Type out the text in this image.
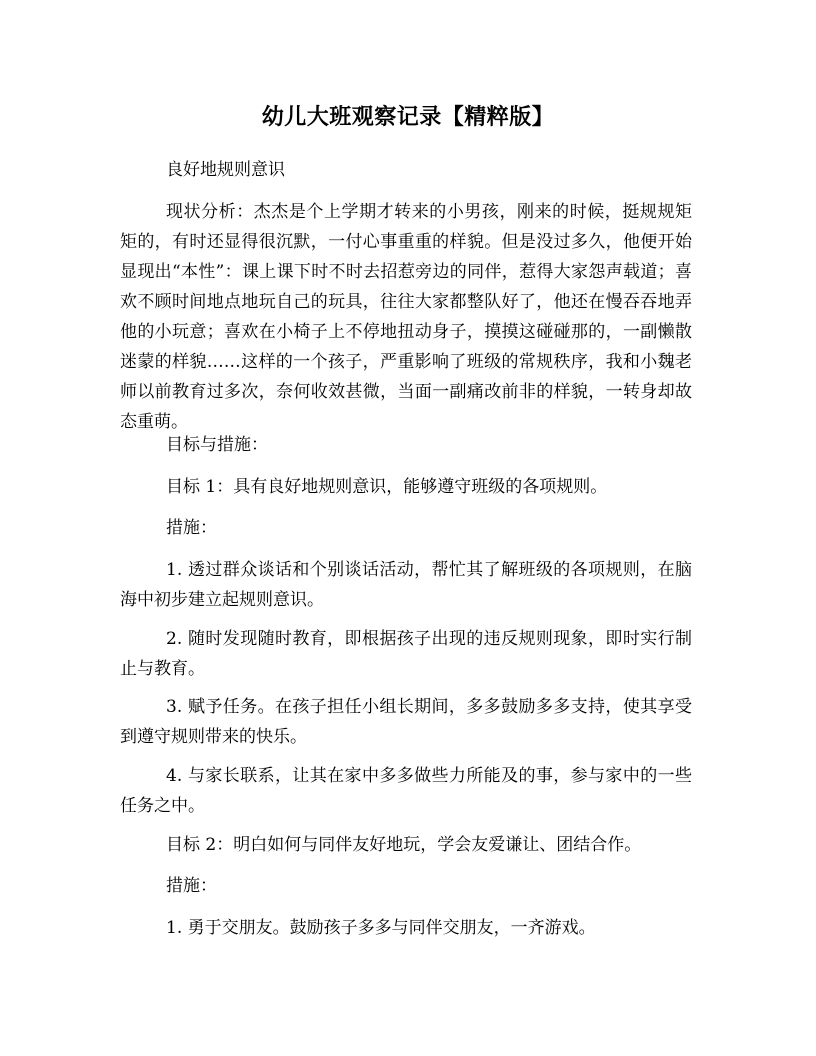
幼儿大班观察记录【精粹版】

良好地规则意识

现状分析：杰杰是个上学期才转来的小男孩，刚来的时候，挺规规矩矩的，有时还显得很沉默，一付心事重重的样貌。但是没过多久，他便开始显现出“本性”：课上课下时不时去招惹旁边的同伴，惹得大家怨声载道；喜欢不顾时间地点地玩自己的玩具，往往大家都整队好了，他还在慢吞吞地弄他的小玩意；喜欢在小椅子上不停地扭动身子，摸摸这碰碰那的，一副懒散迷蒙的样貌……这样的一个孩子，严重影响了班级的常规秩序，我和小魏老师以前教育过多次，奈何收效甚微，当面一副痛改前非的样貌，一转身却故态重萌。

目标与措施：

目标 1：具有良好地规则意识，能够遵守班级的各项规则。

措施：

1. 透过群众谈话和个别谈话活动，帮忙其了解班级的各项规则，在脑海中初步建立起规则意识。

2. 随时发现随时教育，即根据孩子出现的违反规则现象，即时实行制止与教育。

3. 赋予任务。在孩子担任小组长期间，多多鼓励多多支持，使其享受到遵守规则带来的快乐。

4. 与家长联系，让其在家中多多做些力所能及的事，参与家中的一些任务之中。

目标 2：明白如何与同伴友好地玩，学会友爱谦让、团结合作。

措施：

1. 勇于交朋友。鼓励孩子多多与同伴交朋友，一齐游戏。
